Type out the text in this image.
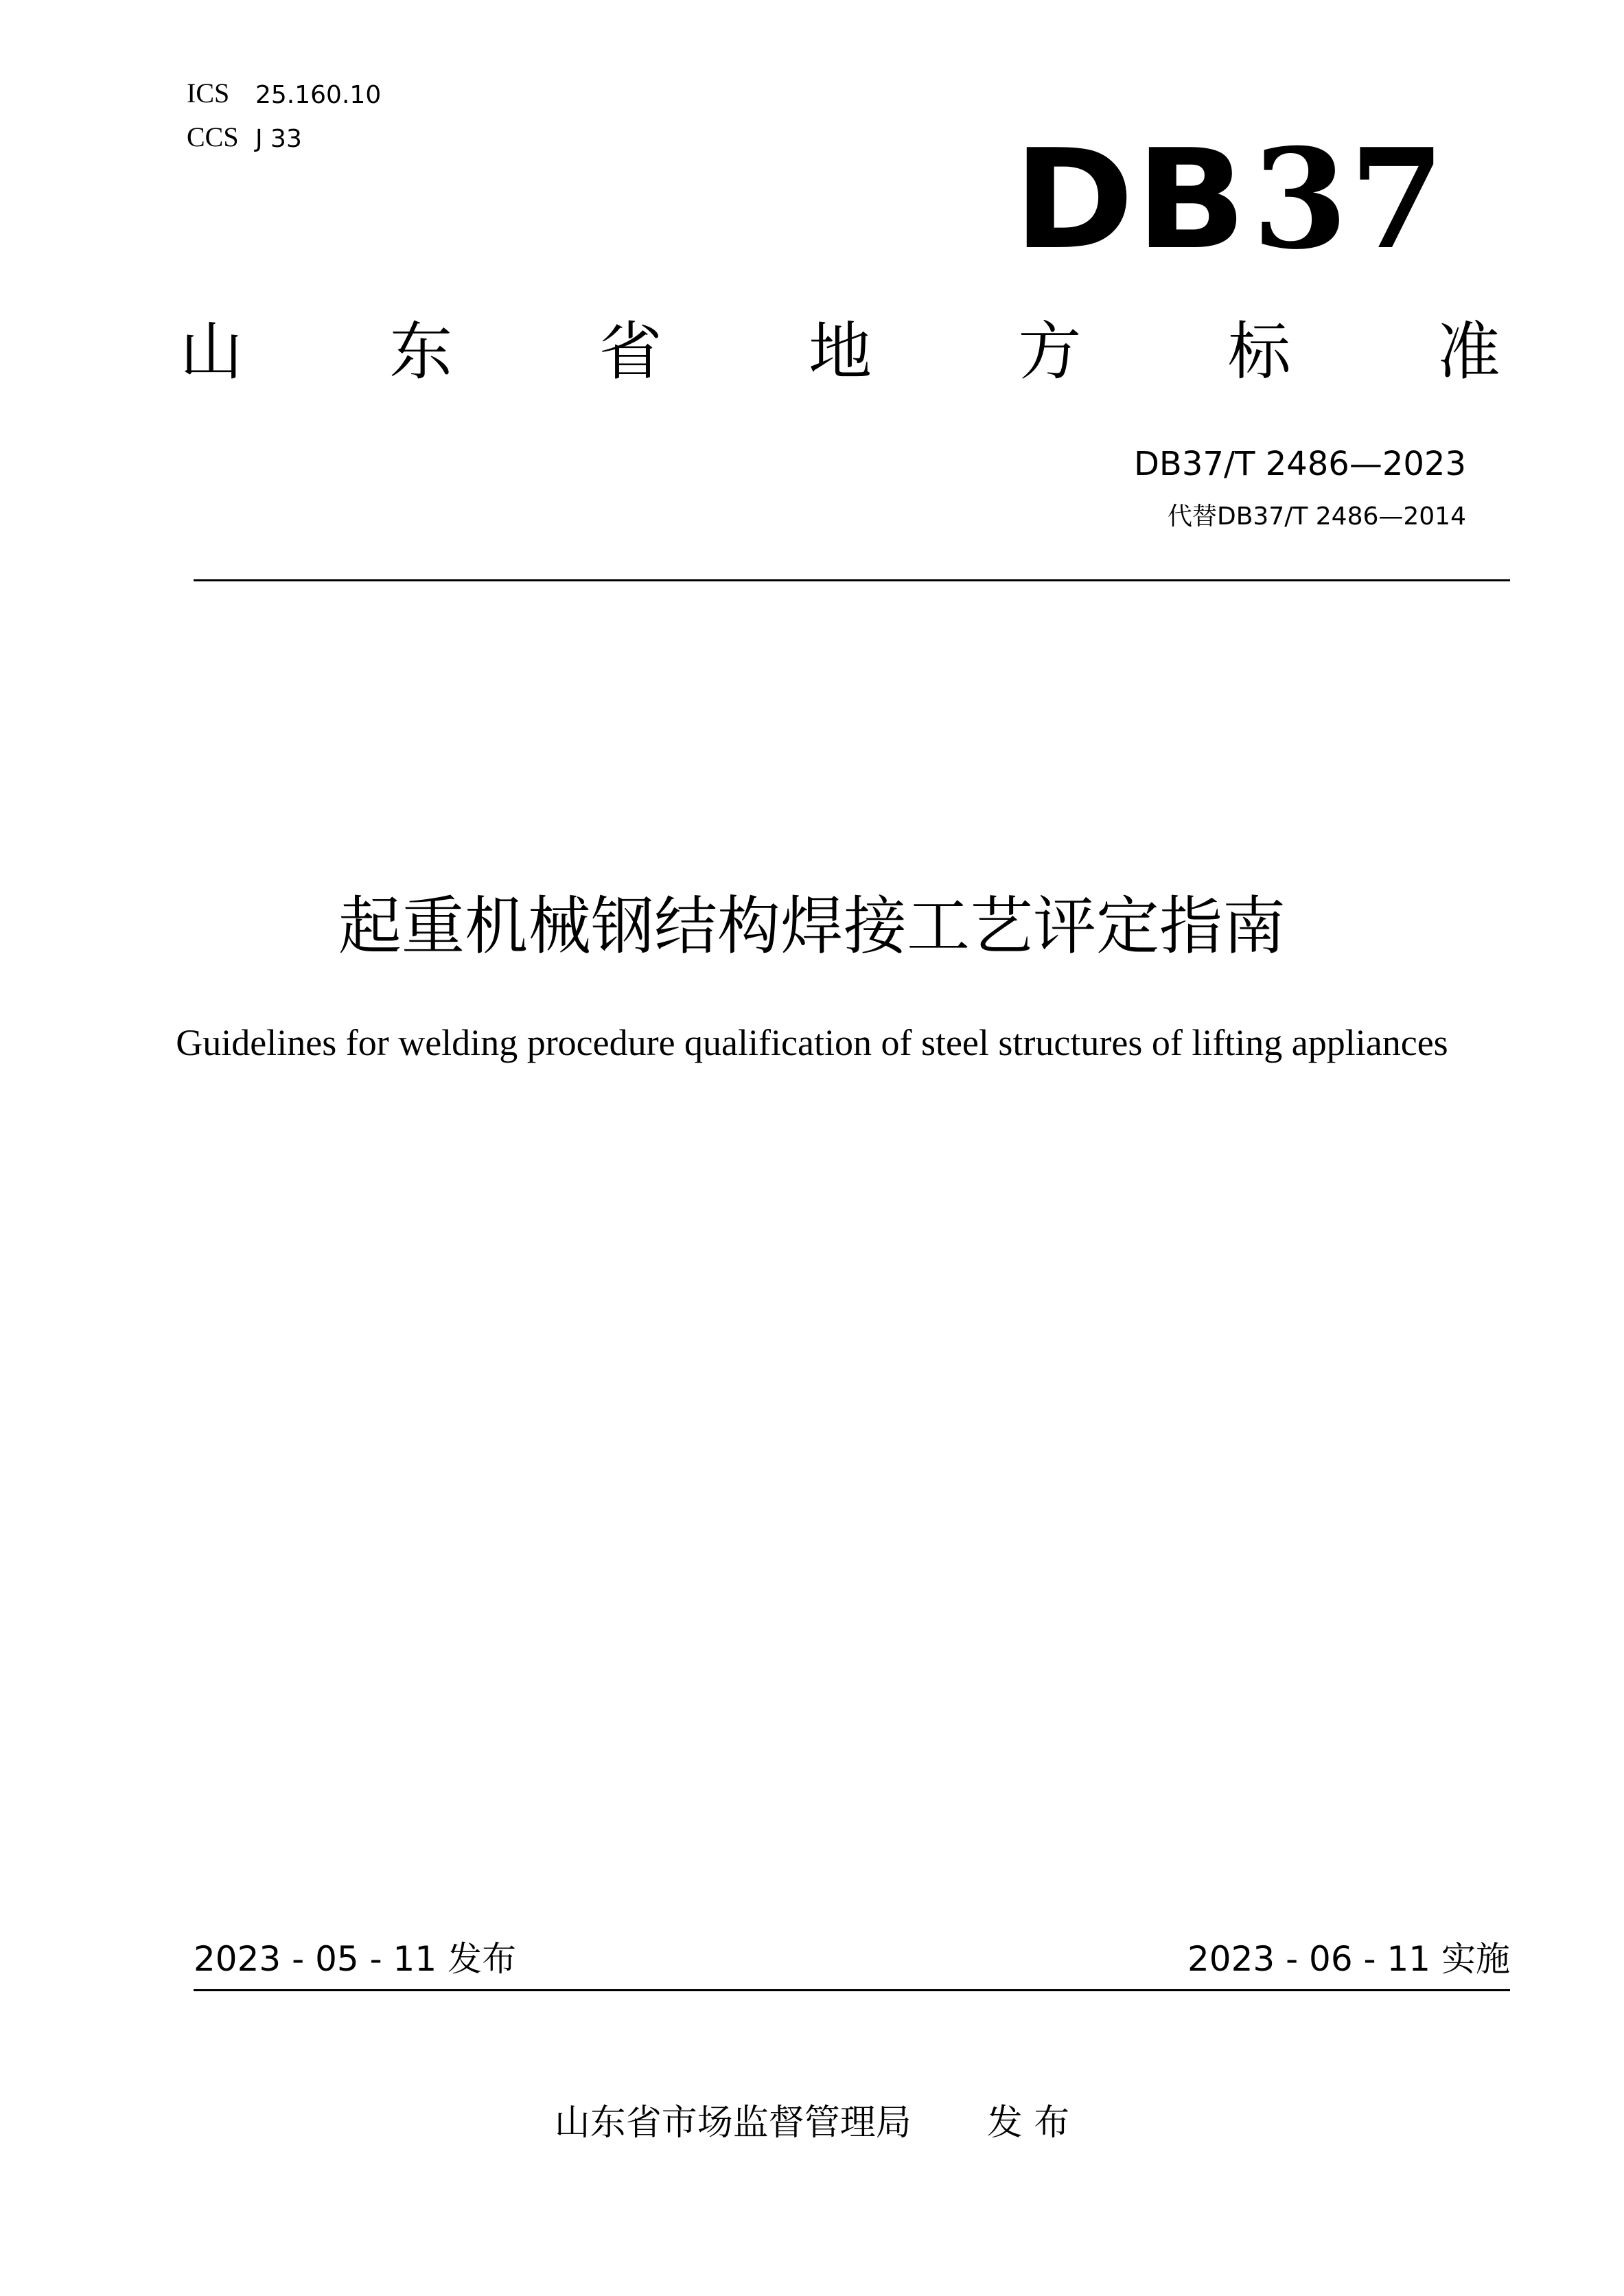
ICS 25.160.10
CCS J 33	DB37
山 东 省 地 方 标 准
DB37/T 2486—2023
代替DB37/T 2486—2014
起重机械钢结构焊接工艺评定指南
Guidelines for welding procedure qualification of steel structures of lifting appliances
2023 - 05 - 11 发布	2023 - 06 - 11 实施
山东省市场监督管理局 发 布
